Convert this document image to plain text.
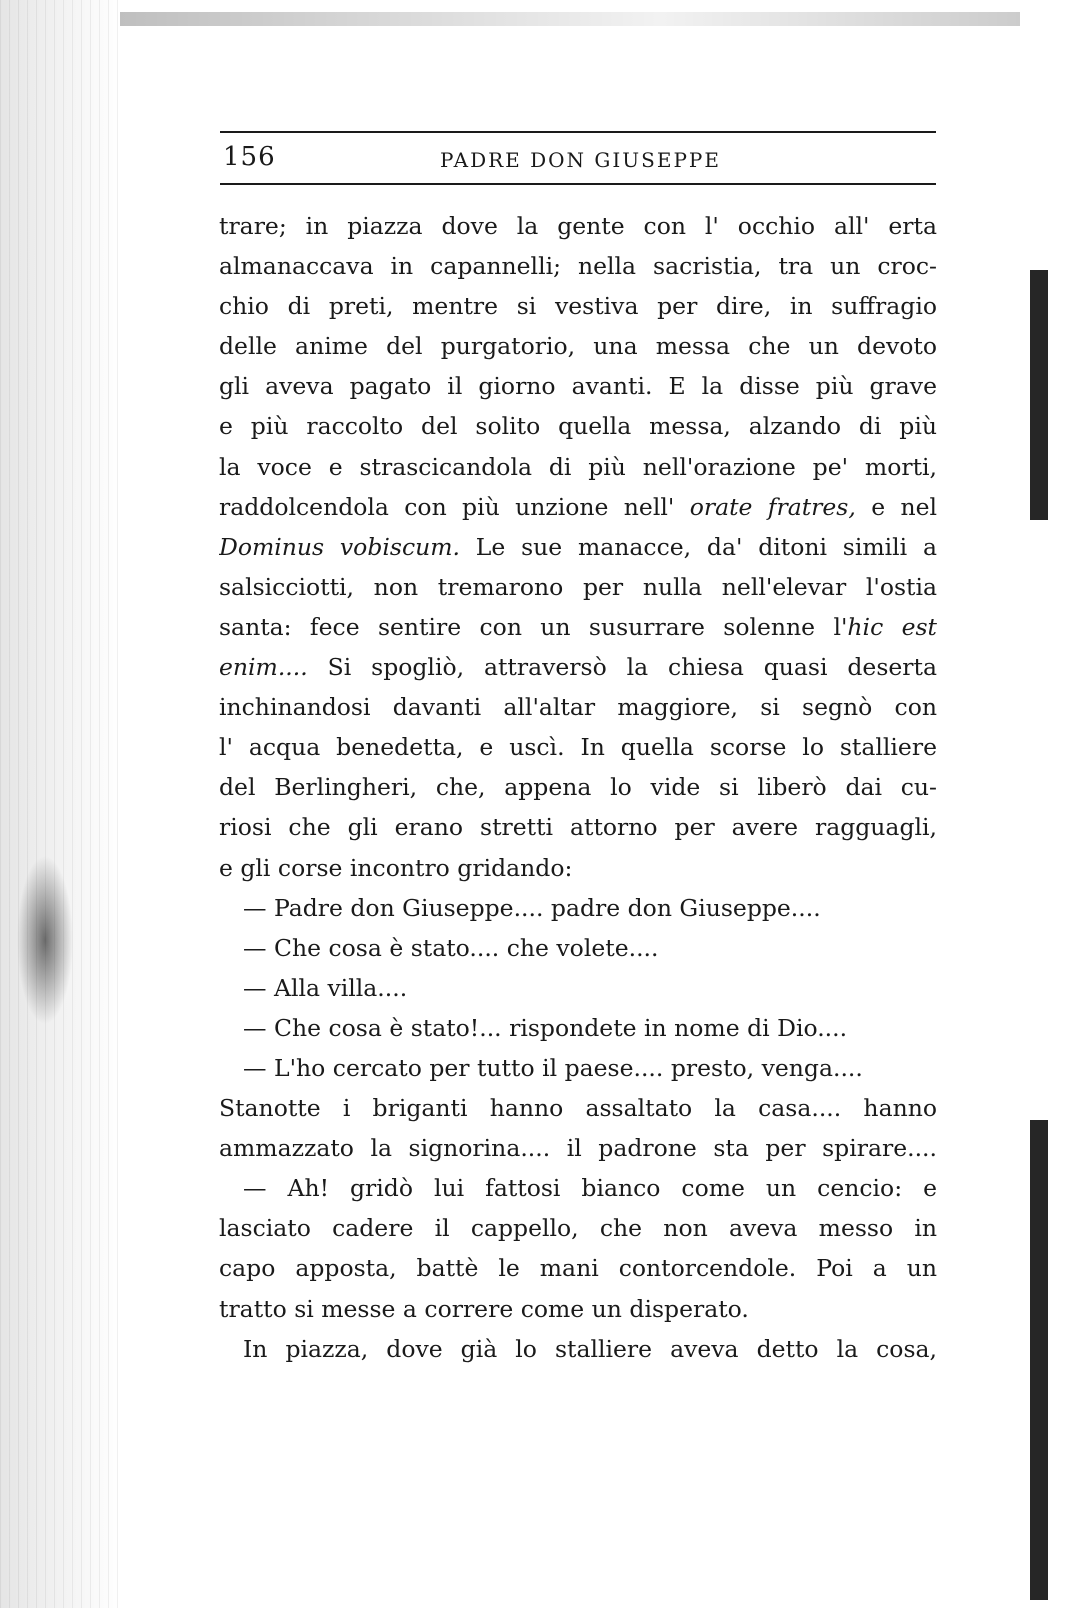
156	PADRE DON GIUSEPPE
trare; in piazza dove la gente con l' occhio all' erta
almanaccava in capannelli; nella sacristia, tra un croc-
chio di preti, mentre si vestiva per dire, in suffragio
delle anime del purgatorio, una messa che un devoto
gli aveva pagato il giorno avanti. E la disse più grave
e più raccolto del solito quella messa, alzando di più
la voce e strascicandola di più nell'orazione pe' morti,
raddolcendola con più unzione nell' orate fratres, e nel
Dominus vobiscum. Le sue manacce, da' ditoni simili a
salsicciotti, non tremarono per nulla nell'elevar l'ostia
santa: fece sentire con un susurrare solenne l'hic est
enim.... Si spogliò, attraversò la chiesa quasi deserta
inchinandosi davanti all'altar maggiore, si segnò con
l' acqua benedetta, e uscì. In quella scorse lo stalliere
del Berlingheri, che, appena lo vide si liberò dai cu-
riosi che gli erano stretti attorno per avere ragguagli,
e gli corse incontro gridando:
— Padre don Giuseppe.... padre don Giuseppe....
— Che cosa è stato.... che volete....
— Alla villa....
— Che cosa è stato!... rispondete in nome di Dio....
— L'ho cercato per tutto il paese.... presto, venga....
Stanotte i briganti hanno assaltato la casa.... hanno
ammazzato la signorina.... il padrone sta per spirare....
— Ah! gridò lui fattosi bianco come un cencio: e
lasciato cadere il cappello, che non aveva messo in
capo apposta, battè le mani contorcendole. Poi a un
tratto si messe a correre come un disperato.
In piazza, dove già lo stalliere aveva detto la cosa,
